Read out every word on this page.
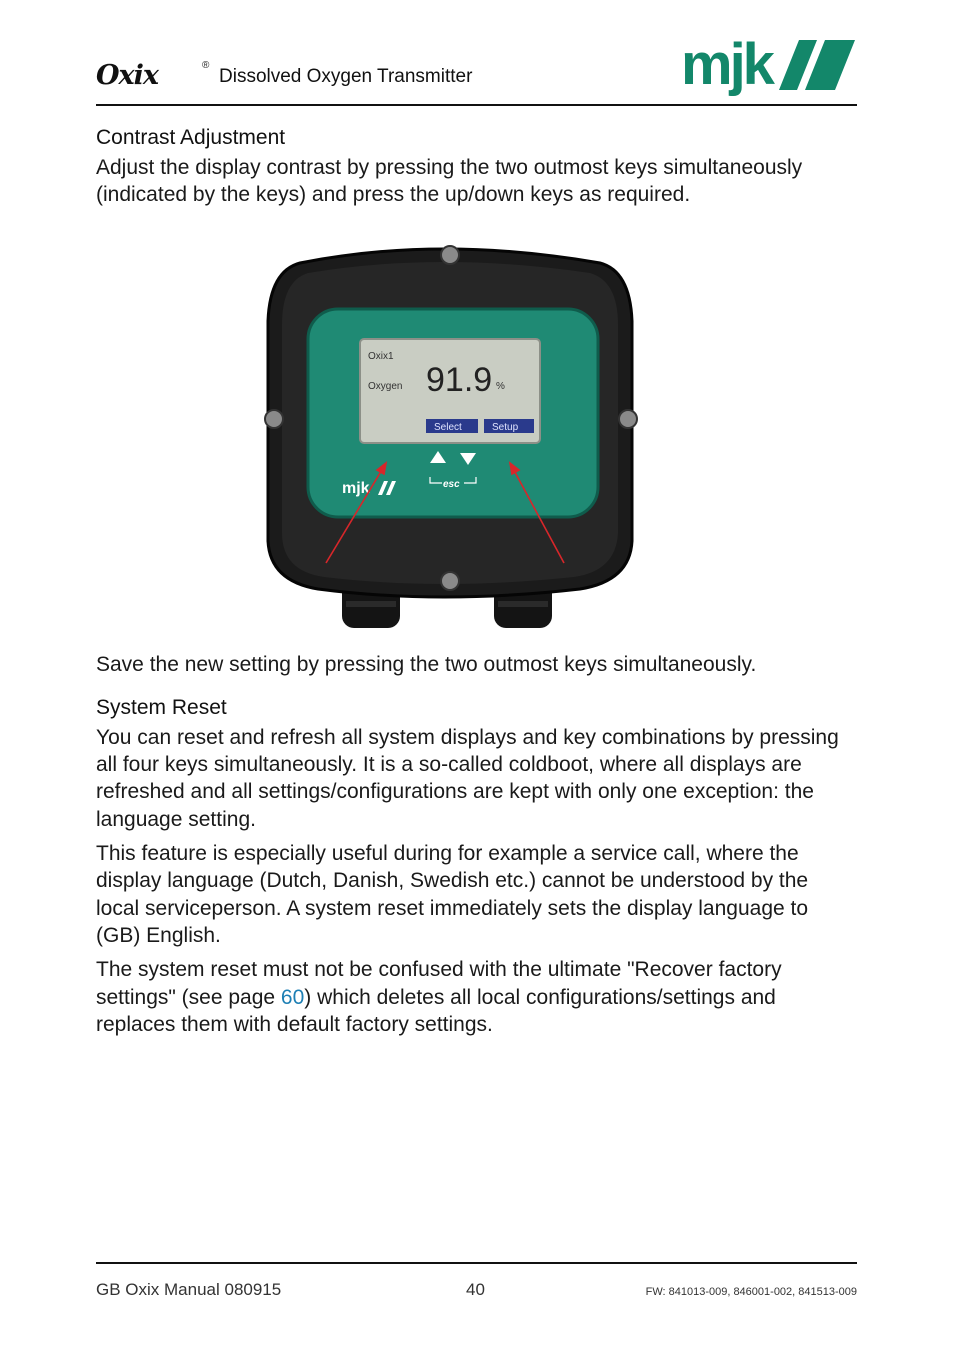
Oxix	®
Dissolved Oxygen Transmitter	mjk
Contrast Adjustment

Adjust the display contrast by pressing the two outmost keys simultaneously (indicated by the keys) and press the up/down keys as required.

Oxix1
Oxygen 91.9 %
Select	Setup
esc
mjk

Save the new setting by pressing the two outmost keys simultaneously.

System Reset

You can reset and refresh all system displays and key combinations by pressing all four keys simultaneously. It is a so-called coldboot, where all displays are refreshed and all settings/configurations are kept with only one exception: the language setting.

This feature is especially useful during for example a service call, where the display language (Dutch, Danish, Swedish etc.) cannot be understood by the local serviceperson. A system reset immediately sets the display language to (GB) English.

The system reset must not be confused with the ultimate "Recover factory settings" (see page 60) which deletes all local configurations/settings and replaces them with default factory settings.

GB Oxix Manual 080915	40	FW: 841013-009, 846001-002, 841513-009
